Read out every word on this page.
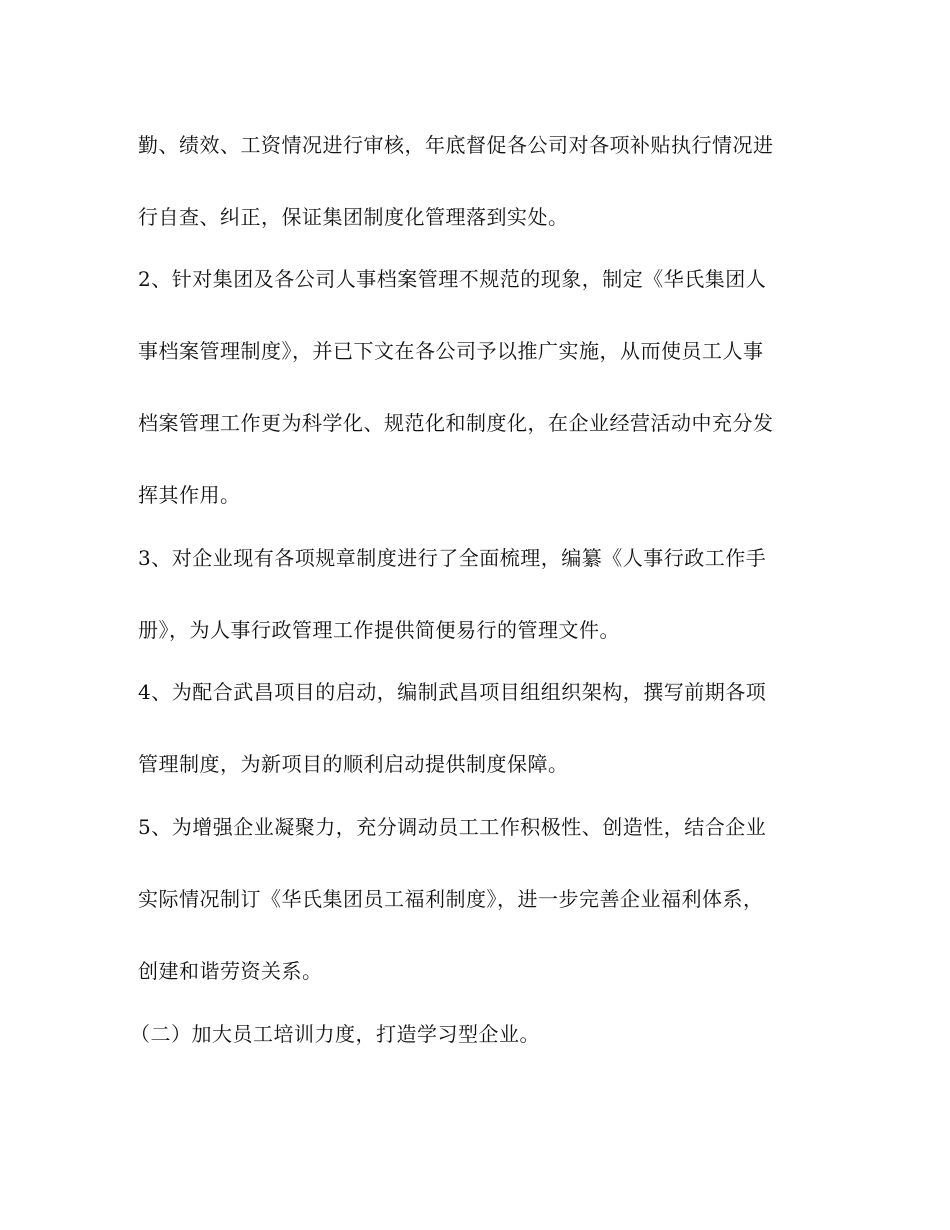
勤、绩效、工资情况进行审核，年底督促各公司对各项补贴执行情况进

行自查、纠正，保证集团制度化管理落到实处。

2、针对集团及各公司人事档案管理不规范的现象，制定《华氏集团人

事档案管理制度》，并已下文在各公司予以推广实施，从而使员工人事

档案管理工作更为科学化、规范化和制度化，在企业经营活动中充分发

挥其作用。

3、对企业现有各项规章制度进行了全面梳理，编纂《人事行政工作手

册》，为人事行政管理工作提供简便易行的管理文件。

4、为配合武昌项目的启动，编制武昌项目组组织架构，撰写前期各项

管理制度，为新项目的顺利启动提供制度保障。

5、为增强企业凝聚力，充分调动员工工作积极性、创造性，结合企业

实际情况制订《华氏集团员工福利制度》，进一步完善企业福利体系，

创建和谐劳资关系。

（二）加大员工培训力度，打造学习型企业。
